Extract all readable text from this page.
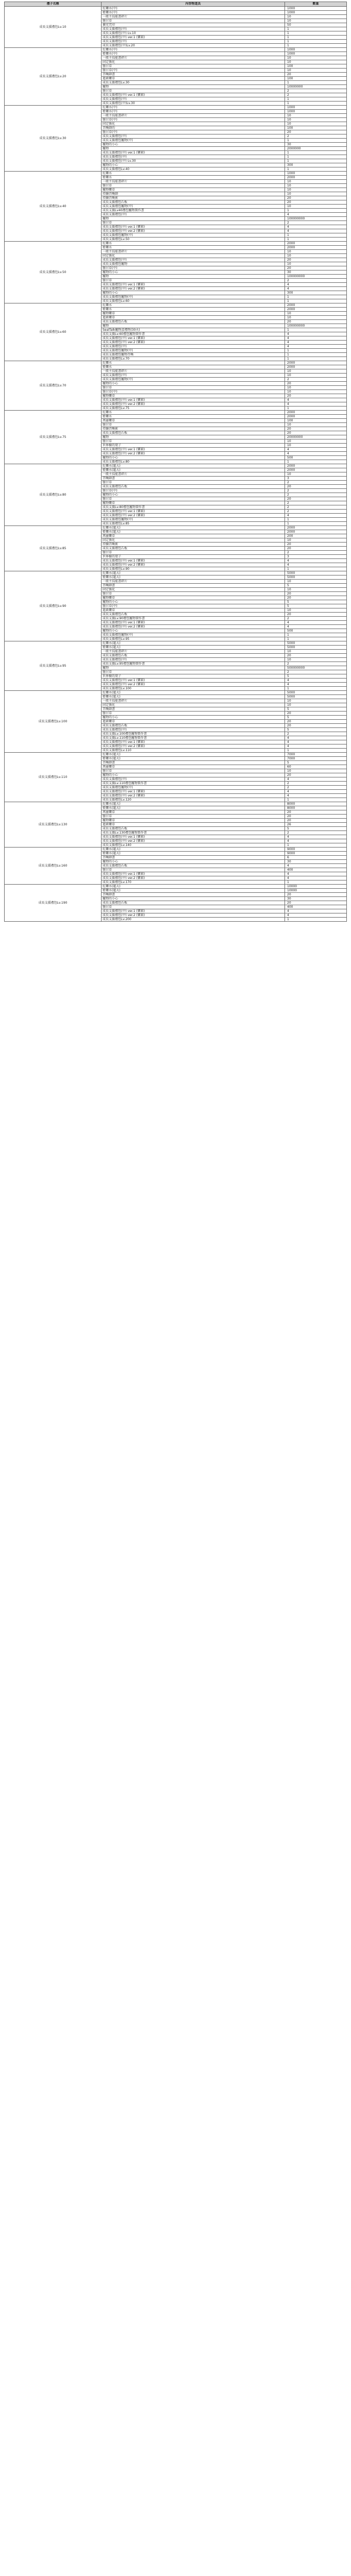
禮子名稱	內容物道具	數量
成長支援禮包Lv.10	紅藥水(中)	1000
	藍藥水(中)	1000
	一般主技能書碎片	10
	醫甘草	10
	擴充咒印	50
	成長支援禮包(中)	1
	成長支援禮包(中) Lv.10	1
	成長支援禮包(中) ver.1 (寶箱)	1
	成長支援禮包(中)	1
	成長支援禮包(中)Lv.20	1
成長支援禮包Lv.20	紅藥水(中)	1000
	藍藥水(中)	1000
	一般主技能書碎片	10
	固定強化	10
	醫甘草	100
	醫甘草(中)	10
	召喚師書	20
	進級藥草	100
	成長支援禮包Lv.30	1
	寵物	10000000
	醫甘草	2
	成長支援禮包(中) ver.1 (寶箱)	2
	成長支援禮包(中)	1
	成長支援禮包(中)Lv.30	1
成長支援禮包Lv.30	紅藥水(中)	1000
	藍藥水(中)	1000
	一般主技能書碎片	10
	醫甘草(中)	10
	固定強化	10
	召喚師的	100
	醫甘草(中)	20
	成長支援禮包(中)	2
	成長支援禮包寵物(中)	1
	寵物的小心	30
	寵物	2000000
	成長支援禮包(中) ver.1 (寶箱)	1
	成長支援禮包(中)	1
	成長支援禮包(中) Lv.30	1
	寵物的小心	300
	成長支援禮包Lv.40	1
成長支援禮包Lv.40	紅藥水	1000
	藍藥水	2000
	一般主技能書碎片	10
	醫甘草	10
	寵物藥草	10
	持續召喚師	10
	持續召喚術	20
	成長支援禮包石板	20
	成長支援禮包寵物(中)	10
	成長支援Lv40禮包寵物製作書	1
	成長支援禮包(中)	4
	寵物	100000000
	醫甘草	2
	成長支援禮包(中) ver.1 (寶箱)	4
	成長支援禮包(中) ver.2 (寶箱)	4
	成長支援禮包寵物(中)	1
	成長支援禮包Lv.50	1
成長支援禮包Lv.50	紅藥水	2000
	藍藥水	2000
	一般主技能書碎片	10
	固定強化	10
	成長支援禮包(中)	20
	成長支援禮包寵物	10
	醫甘草(中)	20
	寵物的小心	30
	寵物	100000000
	醫甘草	2
	成長支援禮包(中) ver.1 (寶箱)	4
	成長支援禮包(中) ver.2 (寶箱)	4
	寵物的小心	300
	成長支援禮包寵物(中)	1
	成長支援禮包Lv.60	1
成長支援禮包Lv.60	紅藥水	2000
	藍藥水	2000
	寵物藥草	10
	進級藥草	10
	成長支援禮包石板	20
	寵物	100000000
	SealTalk寵物蛋禮物(30天)	1
	成長支援Lv.60禮包寵物製作書	4
	成長支援禮包(中) ver.1 (寶箱)	4
	成長支援禮包(中) ver.2 (寶箱)	4
	成長支援禮包(中)	4
	成長支援禮包寵物(中)	1
	成長支援禮包寵物召喚	1
	成長支援禮包Lv.70	1
成長支援禮包Lv.70	紅藥水	2000
	藍藥水	2000
	一般主技能書碎片	10
	成長支援禮包(中)	10
	成長支援禮包寵物(中)	2
	寵物的小心	20
	醫甘草	10
	醫甘草(中)	10
	寵物藥草	20
	成長支援禮包(中) ver.1 (寶箱)	4
	成長支援禮包(中) ver.2 (寶箱)	4
	成長支援禮包Lv.75	1
成長支援禮包Lv.75	紅藥水	2000
	藍藥水	2000
	萬靈藥草	100
	醫甘草	10
	持續召喚術	20
	成長支援禮包石板	20
	寵物	20000000
	醫甘草	10
	世界樹的葉子	10
	成長支援禮包(中) ver.1 (寶箱)	4
	成長支援禮包(中) ver.2 (寶箱)	4
	寵物的小心	500
	成長支援禮包Lv.80	1
成長支援禮包Lv.80	紅藥水(超大)	2000
	藍藥水(超大)	2000
	一般主技能書碎片	10
	召喚師書	3
	醫甘草	2
	成長支援禮包石板	20
	醫甘草(中)	2
	寵物的小心	2
	醫甘草	20
	寵物藥草	2
	成長支援Lv.80禮包寵物製作書	2
	成長支援禮包(中) ver.1 (寶箱)	2
	成長支援禮包(中) ver.2 (寶箱)	4
	成長支援禮包寵物(中)	1
	成長支援禮包Lv.85	1
成長支援禮包Lv.85	紅藥水(超大)	2000
	藍藥水(超大)	2000
	萬靈藥草	200
	固定強化	10
	持續召喚術	20
	成長支援禮包石板	20
	醫甘草	2
	世界樹的葉子	3
	成長支援禮包(中) ver.1 (寶箱)	4
	成長支援禮包(中) ver.2 (寶箱)	4
	成長支援禮包Lv.90	1
成長支援禮包Lv.90	紅藥水(超大)	5000
	藍藥水(超大)	5000
	一般主技能書碎片	10
	召喚師書	5
	固定強化	10
	醫甘草	20
	寵物藥草	20
	寵物的小心	5
	醫甘草(中)	5
	進級藥草	10
	成長支援禮包石板	20
	成長支援Lv.90禮包寵物製作書	2
	成長支援禮包(中) ver.1 (寶箱)	4
	成長支援禮包(中) ver.2 (寶箱)	4
	寵物的小心	500
	成長支援禮包寵物(中)	1
	成長支援禮包Lv.95	1
成長支援禮包Lv.95	紅藥水(超大)	5000
	藍藥水(超大)	5000
	一般主技能書碎片	10
	成長支援禮包石板	20
	成長支援禮包(中)	10
	成長支援Lv.95禮包寵物製作書	2
	寵物	500000000
	醫甘草	2
	世界樹的葉子	5
	成長支援禮包(中) ver.1 (寶箱)	4
	成長支援禮包(中) ver.2 (寶箱)	4
	成長支援禮包Lv.100	1
成長支援禮包Lv.100	紅藥水(超大)	5000
	藍藥水(超大)	5000
	一般主技能書碎片	10
	固定強化	10
	召喚師書	5
	醫甘草	20
	寵物的小心	5
	進級藥草	20
	成長支援禮包石板	20
	成長支援禮包(中)	5
	成長支援Lv.100禮包寵物製作書	2
	成長支援Lv.110禮包寵物製作書	4
	成長支援禮包(中) ver.1 (寶箱)	4
	成長支援禮包(中) ver.2 (寶箱)	4
	成長支援禮包Lv.110	1
成長支援禮包Lv.110	紅藥水(超大)	7000
	藍藥水(超大)	7000
	召喚師書	5
	萬靈藥草	60
	醫甘草	10
	寵物的小心	20
	成長支援禮包(中)	4
	成長支援Lv.110禮包寵物製作書	2
	成長支援禮包寵物(中)	2
	成長支援禮包(中) ver.1 (寶箱)	4
	成長支援禮包(中) ver.2 (寶箱)	4
	成長支援禮包Lv.120	1
成長支援禮包Lv.130	紅藥水(超大)	8000
	藍藥水(超大)	8000
	萬靈藥草	20
	醫甘草	20
	寵物藥草	20
	進級藥草	26
	成長支援禮包石板	5
	成長支援Lv.130禮包寵物製作書	2
	成長支援禮包(中) ver.1 (寶箱)	4
	成長支援禮包(中) ver.2 (寶箱)	4
	成長支援禮包Lv.140	1
成長支援禮包Lv.160	紅藥水(超大)	9000
	藍藥水(超大)	9000
	召喚師書	6
	寵物的小心	30
	成長支援禮包石板	4
	醫甘草	400
	成長支援禮包(中) ver.1 (寶箱)	4
	成長支援禮包(中) ver.2 (寶箱)	4
	成長支援禮包Lv.170	1
成長支援禮包Lv.190	紅藥水(超大)	10000
	藍藥水(超大)	10000
	召喚師書	20
	寵物的小心	30
	成長支援禮包石板	20
	醫甘草	400
	成長支援禮包(中) ver.1 (寶箱)	4
	成長支援禮包(中) ver.2 (寶箱)	4
	成長支援禮包Lv.200	1
